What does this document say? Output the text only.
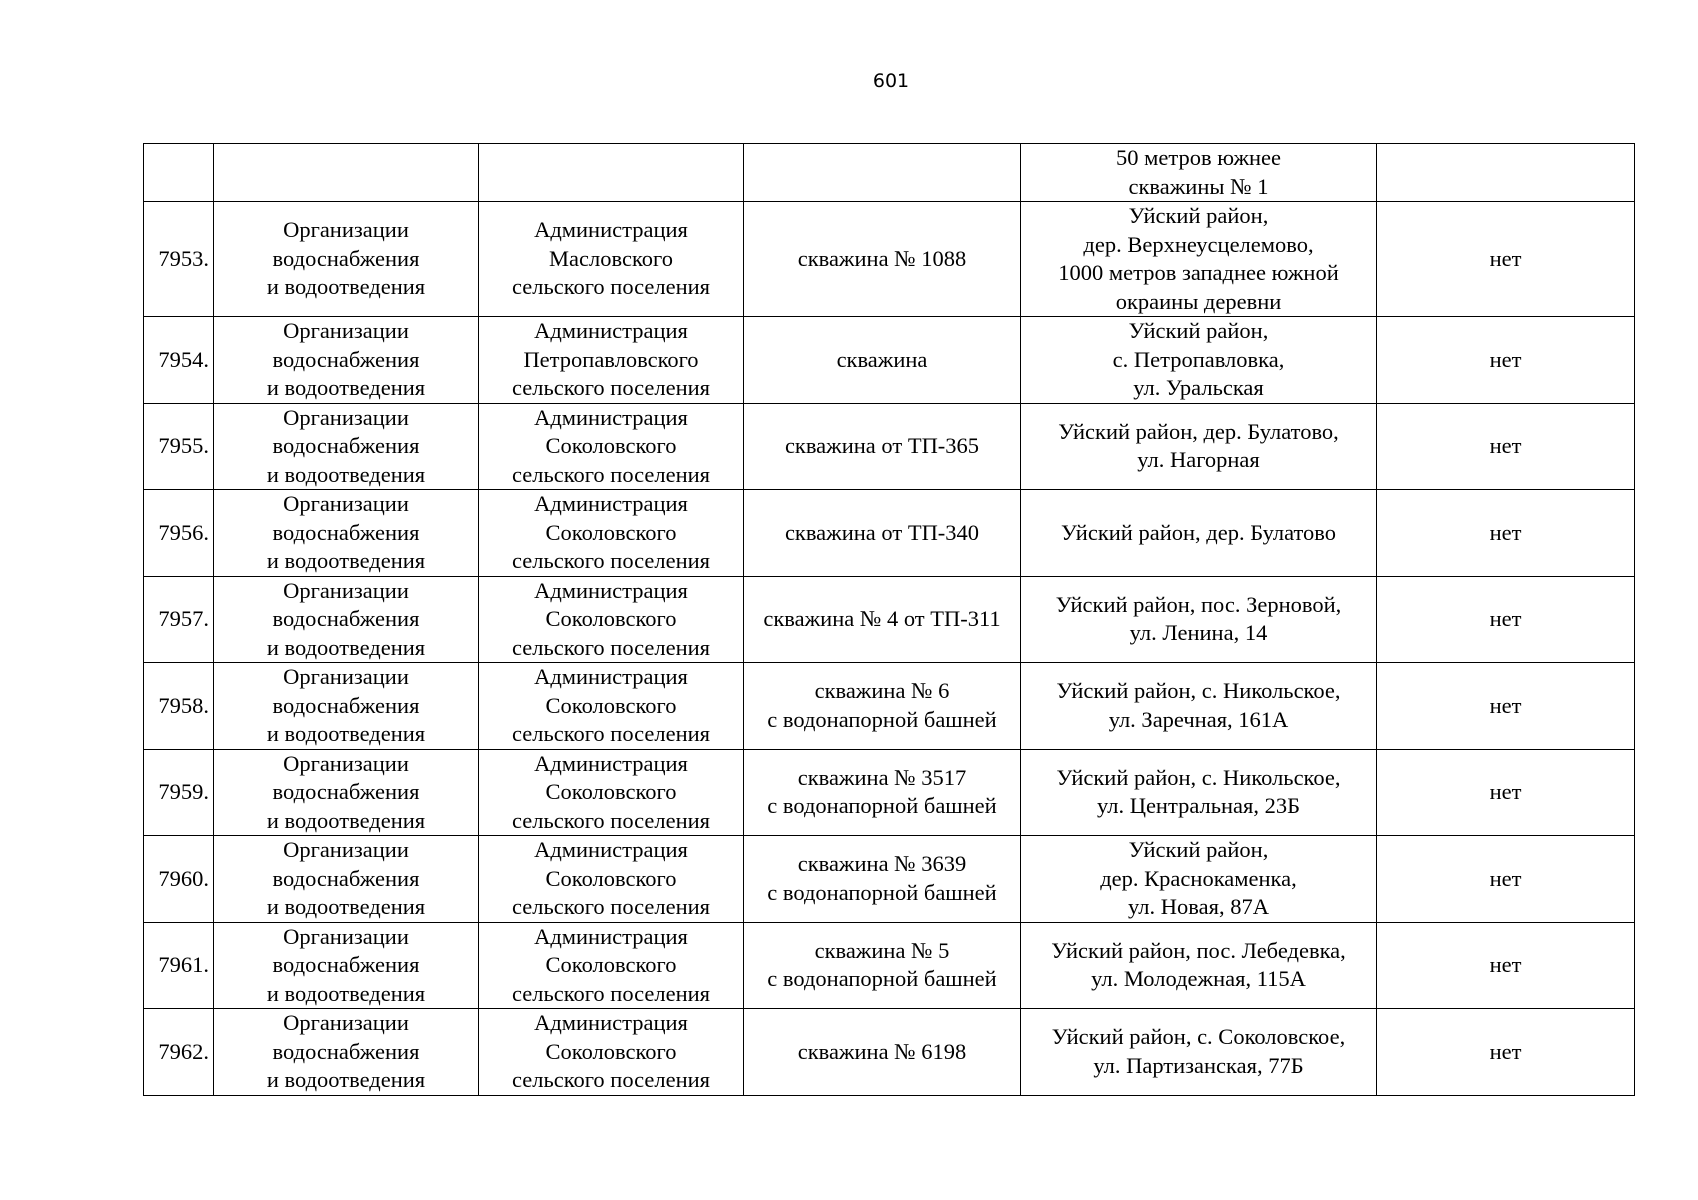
601
				50 метров южнее
скважины № 1	
7953.	Организации
водоснабжения
и водоотведения	Администрация
Масловского
сельского поселения	скважина № 1088	Уйский район,
дер. Верхнеусцелемово,
1000 метров западнее южной
окраины деревни	нет
7954.	Организации
водоснабжения
и водоотведения	Администрация
Петропавловского
сельского поселения	скважина	Уйский район,
с. Петропавловка,
ул. Уральская	нет
7955.	Организации
водоснабжения
и водоотведения	Администрация
Соколовского
сельского поселения	скважина от ТП-365	Уйский район, дер. Булатово,
ул. Нагорная	нет
7956.	Организации
водоснабжения
и водоотведения	Администрация
Соколовского
сельского поселения	скважина от ТП-340	Уйский район, дер. Булатово	нет
7957.	Организации
водоснабжения
и водоотведения	Администрация
Соколовского
сельского поселения	скважина № 4 от ТП-311	Уйский район, пос. Зерновой,
ул. Ленина, 14	нет
7958.	Организации
водоснабжения
и водоотведения	Администрация
Соколовского
сельского поселения	скважина № 6
с водонапорной башней	Уйский район, с. Никольское,
ул. Заречная, 161А	нет
7959.	Организации
водоснабжения
и водоотведения	Администрация
Соколовского
сельского поселения	скважина № 3517
с водонапорной башней	Уйский район, с. Никольское,
ул. Центральная, 23Б	нет
7960.	Организации
водоснабжения
и водоотведения	Администрация
Соколовского
сельского поселения	скважина № 3639
с водонапорной башней	Уйский район,
дер. Краснокаменка,
ул. Новая, 87А	нет
7961.	Организации
водоснабжения
и водоотведения	Администрация
Соколовского
сельского поселения	скважина № 5
с водонапорной башней	Уйский район, пос. Лебедевка,
ул. Молодежная, 115А	нет
7962.	Организации
водоснабжения
и водоотведения	Администрация
Соколовского
сельского поселения	скважина № 6198	Уйский район, с. Соколовское,
ул. Партизанская, 77Б	нет
